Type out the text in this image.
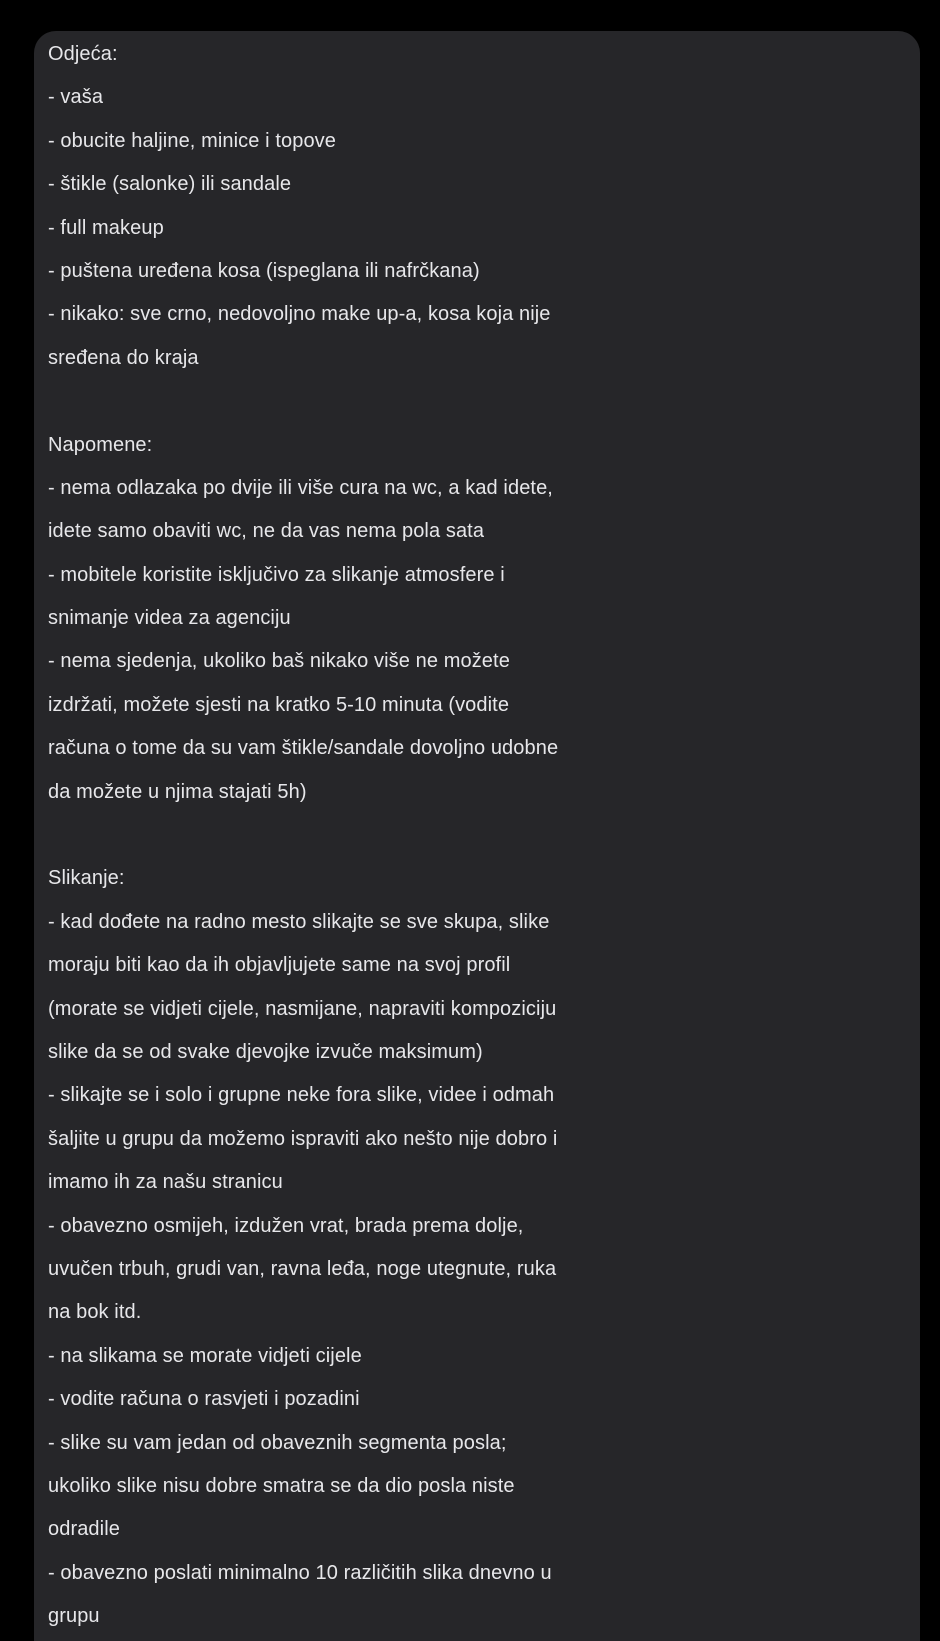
Odjeća:
- vaša
- obucite haljine, minice i topove
- štikle (salonke) ili sandale
- full makeup
- puštena uređena kosa (ispeglana ili nafrčkana)
- nikako: sve crno, nedovoljno make up-a, kosa koja nije
sređena do kraja
Napomene:
- nema odlazaka po dvije ili više cura na wc, a kad idete,
idete samo obaviti wc, ne da vas nema pola sata
- mobitele koristite isključivo za slikanje atmosfere i
snimanje videa za agenciju
- nema sjedenja, ukoliko baš nikako više ne možete
izdržati, možete sjesti na kratko 5-10 minuta (vodite
računa o tome da su vam štikle/sandale dovoljno udobne
da možete u njima stajati 5h)
Slikanje:
- kad dođete na radno mesto slikajte se sve skupa, slike
moraju biti kao da ih objavljujete same na svoj profil
(morate se vidjeti cijele, nasmijane, napraviti kompoziciju
slike da se od svake djevojke izvuče maksimum)
- slikajte se i solo i grupne neke fora slike, videe i odmah
šaljite u grupu da možemo ispraviti ako nešto nije dobro i
imamo ih za našu stranicu
- obavezno osmijeh, izdužen vrat, brada prema dolje,
uvučen trbuh, grudi van, ravna leđa, noge utegnute, ruka
na bok itd.
- na slikama se morate vidjeti cijele
- vodite računa o rasvjeti i pozadini
- slike su vam jedan od obaveznih segmenta posla;
ukoliko slike nisu dobre smatra se da dio posla niste
odradile
- obavezno poslati minimalno 10 različitih slika dnevno u
grupu
